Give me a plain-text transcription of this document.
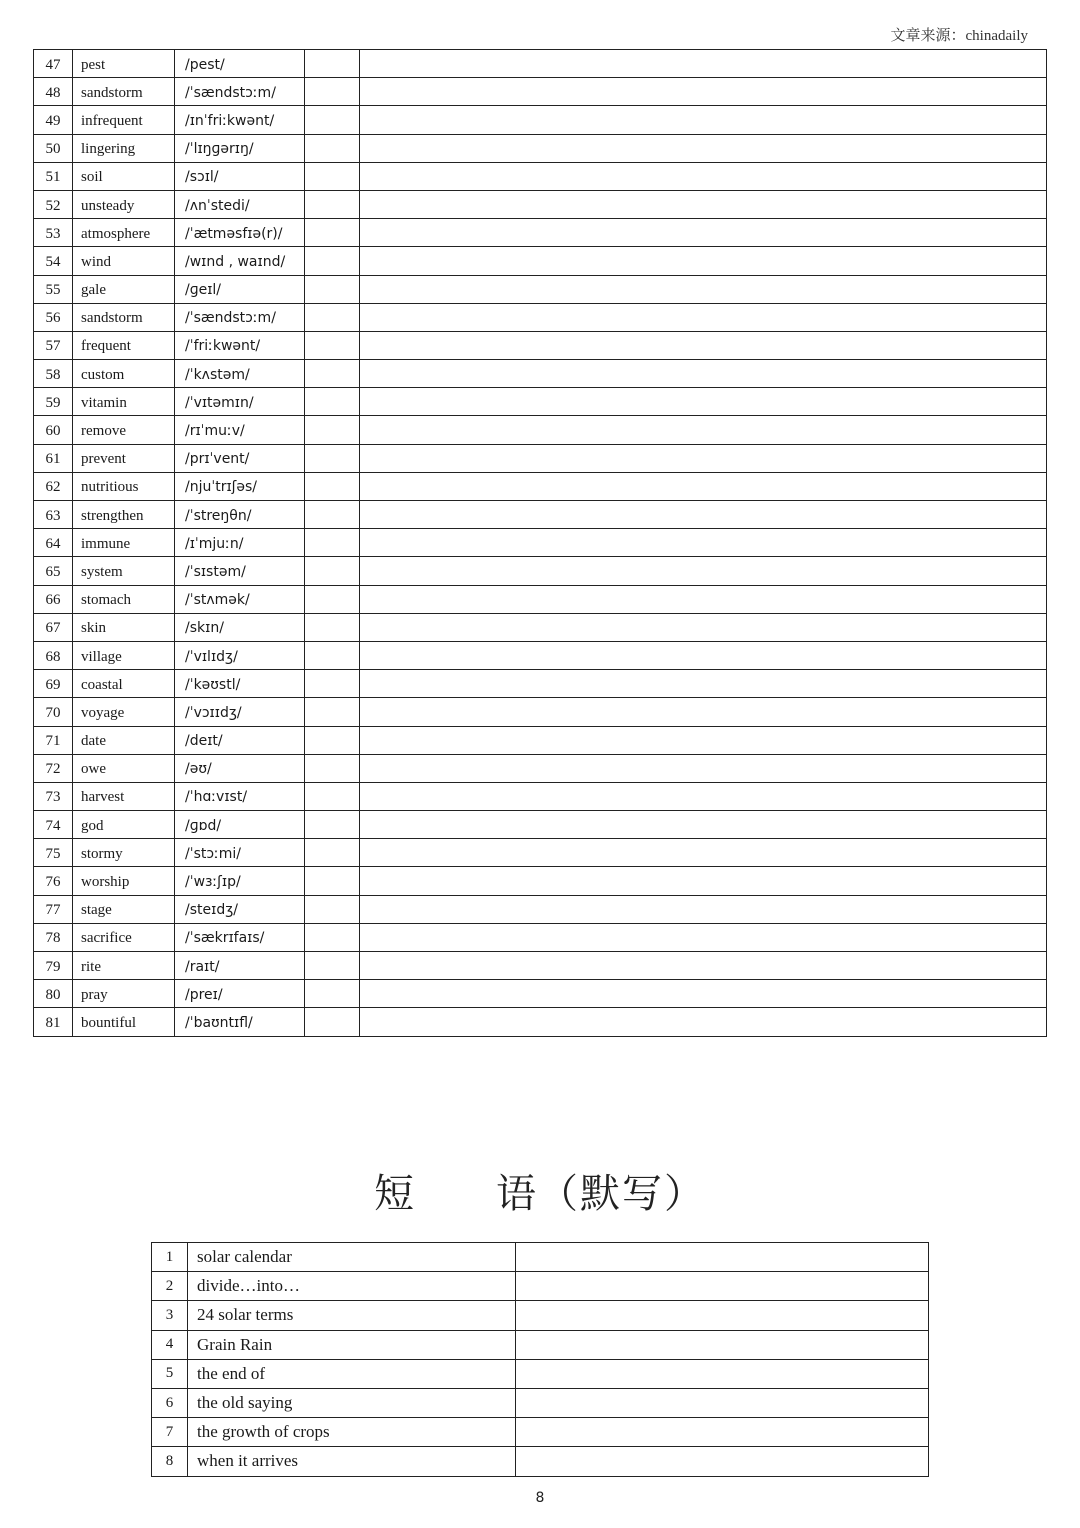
文章来源：chinadaily
47	pest	/pest/		
48	sandstorm	/ˈsændstɔːm/		
49	infrequent	/ɪnˈfriːkwənt/		
50	lingering	/ˈlɪŋɡərɪŋ/		
51	soil	/sɔɪl/		
52	unsteady	/ʌnˈstedi/		
53	atmosphere	/ˈætməsfɪə(r)/		
54	wind	/wɪnd , waɪnd/		
55	gale	/ɡeɪl/		
56	sandstorm	/ˈsændstɔːm/		
57	frequent	/ˈfriːkwənt/		
58	custom	/ˈkʌstəm/		
59	vitamin	/ˈvɪtəmɪn/		
60	remove	/rɪˈmuːv/		
61	prevent	/prɪˈvent/		
62	nutritious	/njuˈtrɪʃəs/		
63	strengthen	/ˈstreŋθn/		
64	immune	/ɪˈmjuːn/		
65	system	/ˈsɪstəm/		
66	stomach	/ˈstʌmək/		
67	skin	/skɪn/		
68	village	/ˈvɪlɪdʒ/		
69	coastal	/ˈkəʊstl/		
70	voyage	/ˈvɔɪɪdʒ/		
71	date	/deɪt/		
72	owe	/əʊ/		
73	harvest	/ˈhɑːvɪst/		
74	god	/ɡɒd/		
75	stormy	/ˈstɔːmi/		
76	worship	/ˈwɜːʃɪp/		
77	stage	/steɪdʒ/		
78	sacrifice	/ˈsækrɪfaɪs/		
79	rite	/raɪt/		
80	pray	/preɪ/		
81	bountiful	/ˈbaʊntɪfl/		
短 语（默写）
1	solar calendar	
2	divide…into…	
3	24 solar terms	
4	Grain Rain	
5	the end of	
6	the old saying	
7	the growth of crops	
8	when it arrives	
8
